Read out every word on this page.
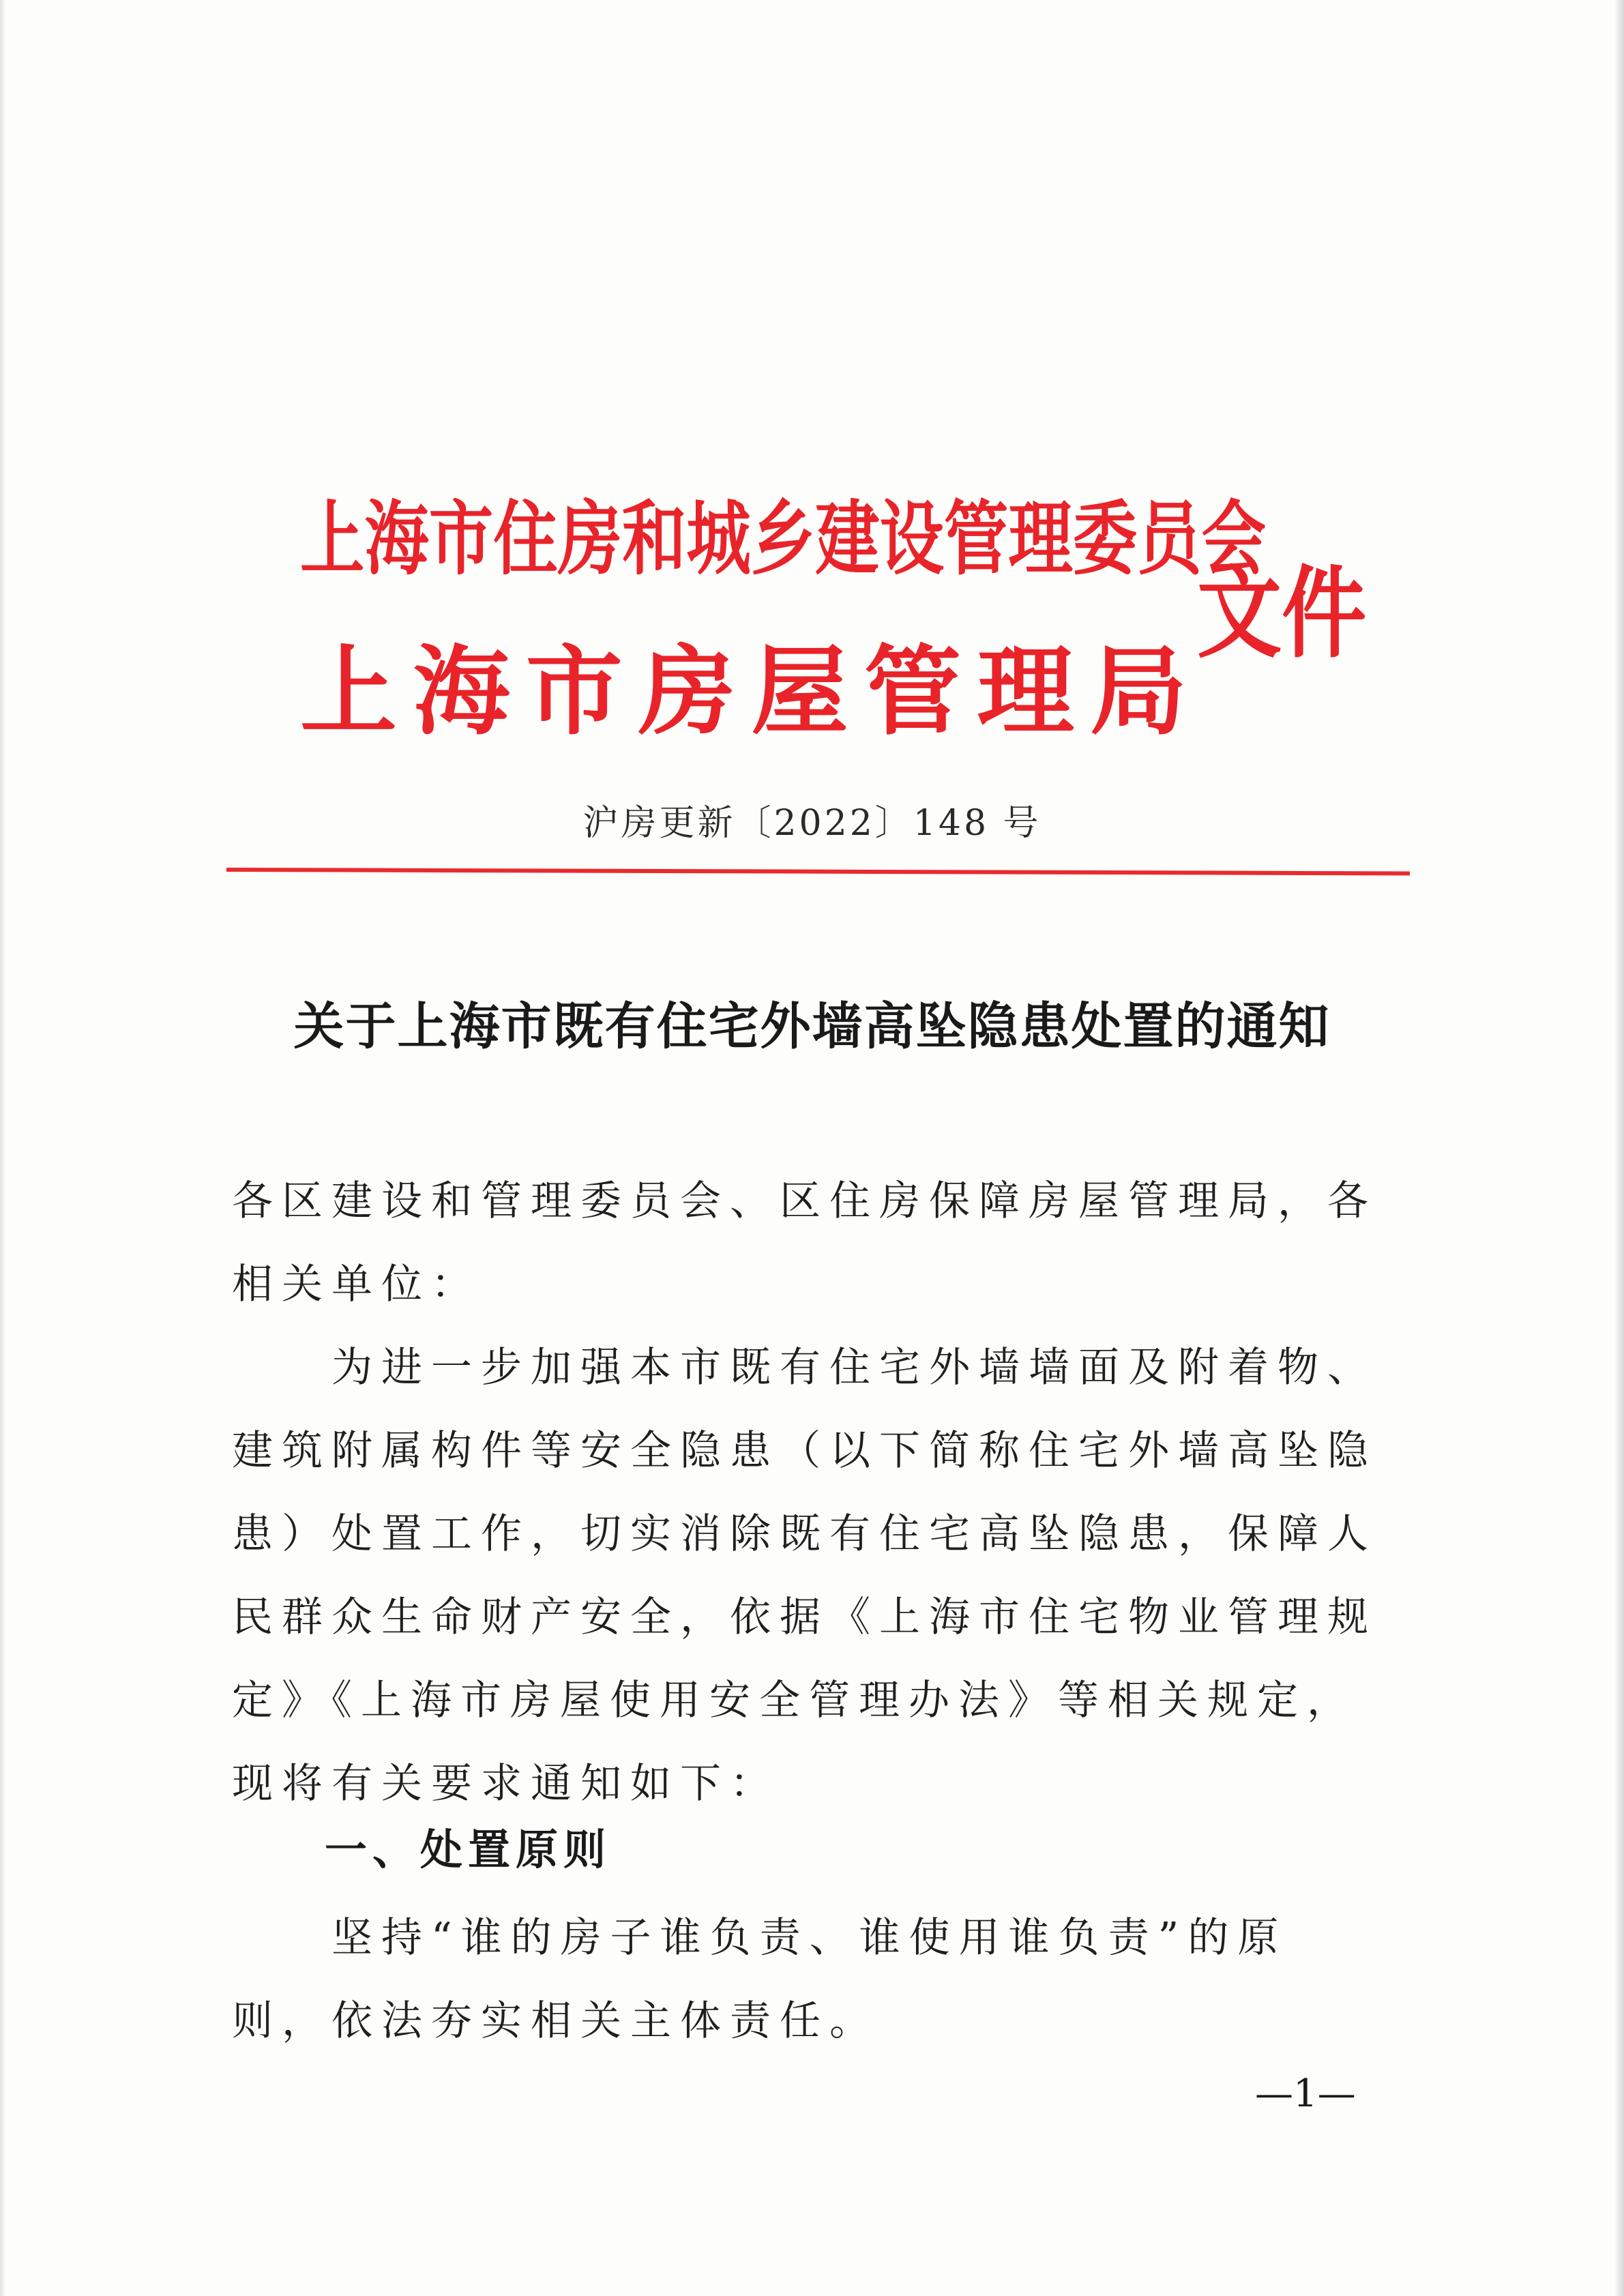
上海市住房和城乡建设管理委员会
上 海 市 房 屋 管 理 局
文件
沪房更新〔2022〕148 号
关于上海市既有住宅外墙高坠隐患处置的通知

各区建设和管理委员会、区住房保障房屋管理局，各相关单位：

为进一步加强本市既有住宅外墙墙面及附着物、建筑附属构件等安全隐患（以下简称住宅外墙高坠隐患）处置工作，切实消除既有住宅高坠隐患，保障人民群众生命财产安全，依据《上海市住宅物业管理规定》《上海市房屋使用安全管理办法》等相关规定，现将有关要求通知如下：

一、处置原则

坚持“谁的房子谁负责、谁使用谁负责”的原则，依法夯实相关主体责任。

—1—
